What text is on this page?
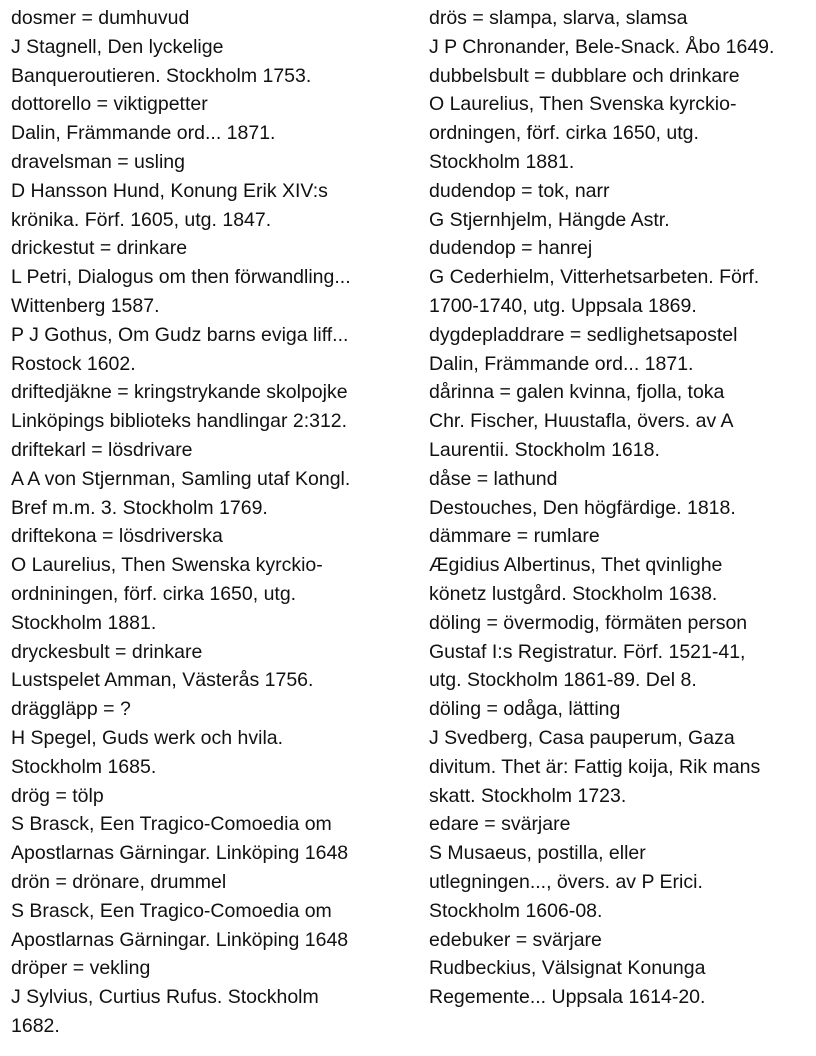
dosmer = dumhuvud
J Stagnell, Den lyckelige
Banqueroutieren. Stockholm 1753.
dottorello = viktigpetter
Dalin, Främmande ord... 1871.
dravelsman = usling
D Hansson Hund, Konung Erik XIV:s
krönika. Förf. 1605, utg. 1847.
drickestut = drinkare
L Petri, Dialogus om then förwandling...
Wittenberg 1587.
P J Gothus, Om Gudz barns eviga liff...
Rostock 1602.
driftedjäkne = kringstrykande skolpojke
Linköpings biblioteks handlingar 2:312.
driftekarl = lösdrivare
A A von Stjernman, Samling utaf Kongl.
Bref m.m. 3. Stockholm 1769.
driftekona = lösdriverska
O Laurelius, Then Swenska kyrckio-
ordniningen, förf. cirka 1650, utg.
Stockholm 1881.
dryckesbult = drinkare
Lustspelet Amman, Västerås 1756.
dräggläpp = ?
H Spegel, Guds werk och hvila.
Stockholm 1685.
drög = tölp
S Brasck, Een Tragico-Comoedia om
Apostlarnas Gärningar. Linköping 1648
drön = drönare, drummel
S Brasck, Een Tragico-Comoedia om
Apostlarnas Gärningar. Linköping 1648
dröper = vekling
J Sylvius, Curtius Rufus. Stockholm
1682.
drös = slampa, slarva, slamsa
J P Chronander, Bele-Snack. Åbo 1649.
dubbelsbult = dubblare och drinkare
O Laurelius, Then Svenska kyrckio-
ordningen, förf. cirka 1650, utg.
Stockholm 1881.
dudendop = tok, narr
G Stjernhjelm, Hängde Astr.
dudendop = hanrej
G Cederhielm, Vitterhetsarbeten. Förf.
1700-1740, utg. Uppsala 1869.
dygdepladdrare = sedlighetsapostel
Dalin, Främmande ord... 1871.
dårinna = galen kvinna, fjolla, toka
Chr. Fischer, Huustafla, övers. av A
Laurentii. Stockholm 1618.
dåse = lathund
Destouches, Den högfärdige. 1818.
dämmare = rumlare
Ægidius Albertinus, Thet qvinlighe
könetz lustgård. Stockholm 1638.
döling = övermodig, förmäten person
Gustaf I:s Registratur. Förf. 1521-41,
utg. Stockholm 1861-89. Del 8.
döling = odåga, lätting
J Svedberg, Casa pauperum, Gaza
divitum. Thet är: Fattig koija, Rik mans
skatt. Stockholm 1723.
edare = svärjare
S Musaeus, postilla, eller
utlegningen..., övers. av P Erici.
Stockholm 1606-08.
edebuker = svärjare
Rudbeckius, Välsignat Konunga
Regemente... Uppsala 1614-20.
